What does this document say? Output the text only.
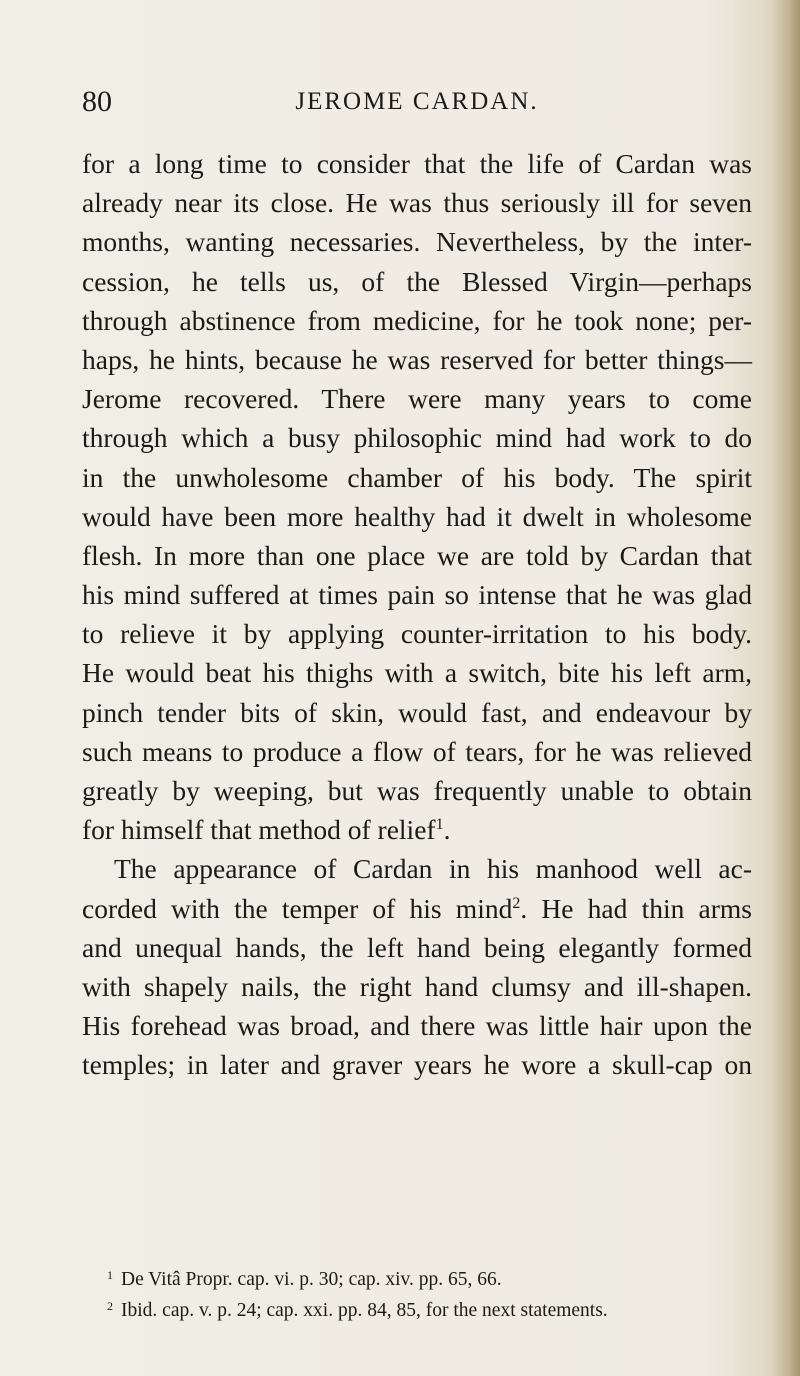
80	JEROME CARDAN.
for a long time to consider that the life of Cardan was
already near its close. He was thus seriously ill for seven
months, wanting necessaries. Nevertheless, by the inter-
cession, he tells us, of the Blessed Virgin—perhaps
through abstinence from medicine, for he took none; per-
haps, he hints, because he was reserved for better things—
Jerome recovered. There were many years to come
through which a busy philosophic mind had work to do
in the unwholesome chamber of his body. The spirit
would have been more healthy had it dwelt in wholesome
flesh. In more than one place we are told by Cardan that
his mind suffered at times pain so intense that he was glad
to relieve it by applying counter-irritation to his body.
He would beat his thighs with a switch, bite his left arm,
pinch tender bits of skin, would fast, and endeavour by
such means to produce a flow of tears, for he was relieved
greatly by weeping, but was frequently unable to obtain
for himself that method of relief$^1$.
The appearance of Cardan in his manhood well ac-
corded with the temper of his mind$^2$. He had thin arms
and unequal hands, the left hand being elegantly formed
with shapely nails, the right hand clumsy and ill-shapen.
His forehead was broad, and there was little hair upon the
temples; in later and graver years he wore a skull-cap on
$^1$ De Vitâ Propr. cap. vi. p. 30; cap. xiv. pp. 65, 66.
$^2$ Ibid. cap. v. p. 24; cap. xxi. pp. 84, 85, for the next statements.
